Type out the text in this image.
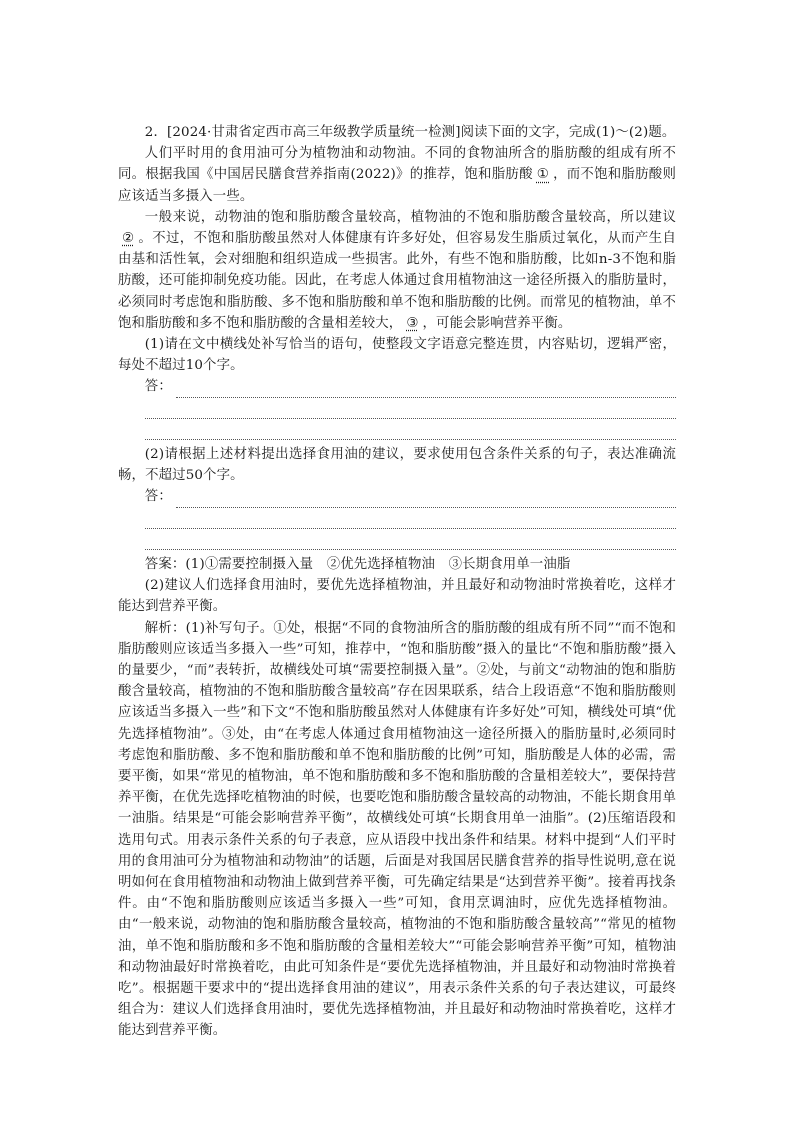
2．[2024·甘肃省定西市高三年级教学质量统一检测]阅读下面的文字，完成(1)～(2)题。

人们平时用的食用油可分为植物油和动物油。不同的食物油所含的脂肪酸的组成有所不同。根据我国《中国居民膳食营养指南(2022)》的推荐，饱和脂肪酸 ① ，而不饱和脂肪酸则应该适当多摄入一些。

一般来说，动物油的饱和脂肪酸含量较高，植物油的不饱和脂肪酸含量较高，所以建议② 。不过，不饱和脂肪酸虽然对人体健康有许多好处，但容易发生脂质过氧化，从而产生自由基和活性氧，会对细胞和组织造成一些损害。此外，有些不饱和脂肪酸，比如n-3不饱和脂肪酸，还可能抑制免疫功能。因此，在考虑人体通过食用植物油这一途径所摄入的脂肪量时，必须同时考虑饱和脂肪酸、多不饱和脂肪酸和单不饱和脂肪酸的比例。而常见的植物油，单不饱和脂肪酸和多不饱和脂肪酸的含量相差较大， ③ ，可能会影响营养平衡。

(1)请在文中横线处补写恰当的语句，使整段文字语意完整连贯，内容贴切，逻辑严密，每处不超过10个字。

答：

(2)请根据上述材料提出选择食用油的建议，要求使用包含条件关系的句子，表达准确流畅，不超过50个字。

答：

答案：(1)①需要控制摄入量　②优先选择植物油　③长期食用单一油脂

(2)建议人们选择食用油时，要优先选择植物油，并且最好和动物油时常换着吃，这样才能达到营养平衡。

解析：(1)补写句子。①处，根据“不同的食物油所含的脂肪酸的组成有所不同”“而不饱和脂肪酸则应该适当多摄入一些”可知，推荐中，“饱和脂肪酸”摄入的量比“不饱和脂肪酸”摄入的量要少，“而”表转折，故横线处可填“需要控制摄入量”。②处，与前文“动物油的饱和脂肪酸含量较高，植物油的不饱和脂肪酸含量较高”存在因果联系，结合上段语意“不饱和脂肪酸则应该适当多摄入一些”和下文“不饱和脂肪酸虽然对人体健康有许多好处”可知，横线处可填“优先选择植物油”。③处，由“在考虑人体通过食用植物油这一途径所摄入的脂肪量时,必须同时考虑饱和脂肪酸、多不饱和脂肪酸和单不饱和脂肪酸的比例”可知，脂肪酸是人体的必需，需要平衡，如果“常见的植物油，单不饱和脂肪酸和多不饱和脂肪酸的含量相差较大”，要保持营养平衡，在优先选择吃植物油的时候，也要吃饱和脂肪酸含量较高的动物油，不能长期食用单一油脂。结果是“可能会影响营养平衡”，故横线处可填“长期食用单一油脂”。(2)压缩语段和选用句式。用表示条件关系的句子表意，应从语段中找出条件和结果。材料中提到“人们平时用的食用油可分为植物油和动物油”的话题，后面是对我国居民膳食营养的指导性说明,意在说明如何在食用植物油和动物油上做到营养平衡，可先确定结果是“达到营养平衡”。接着再找条件。由“不饱和脂肪酸则应该适当多摄入一些”可知，食用烹调油时，应优先选择植物油。由“一般来说，动物油的饱和脂肪酸含量较高，植物油的不饱和脂肪酸含量较高”“常见的植物油，单不饱和脂肪酸和多不饱和脂肪酸的含量相差较大”“可能会影响营养平衡”可知，植物油和动物油最好时常换着吃，由此可知条件是“要优先选择植物油，并且最好和动物油时常换着吃”。根据题干要求中的“提出选择食用油的建议”，用表示条件关系的句子表达建议，可最终组合为：建议人们选择食用油时，要优先选择植物油，并且最好和动物油时常换着吃，这样才能达到营养平衡。
